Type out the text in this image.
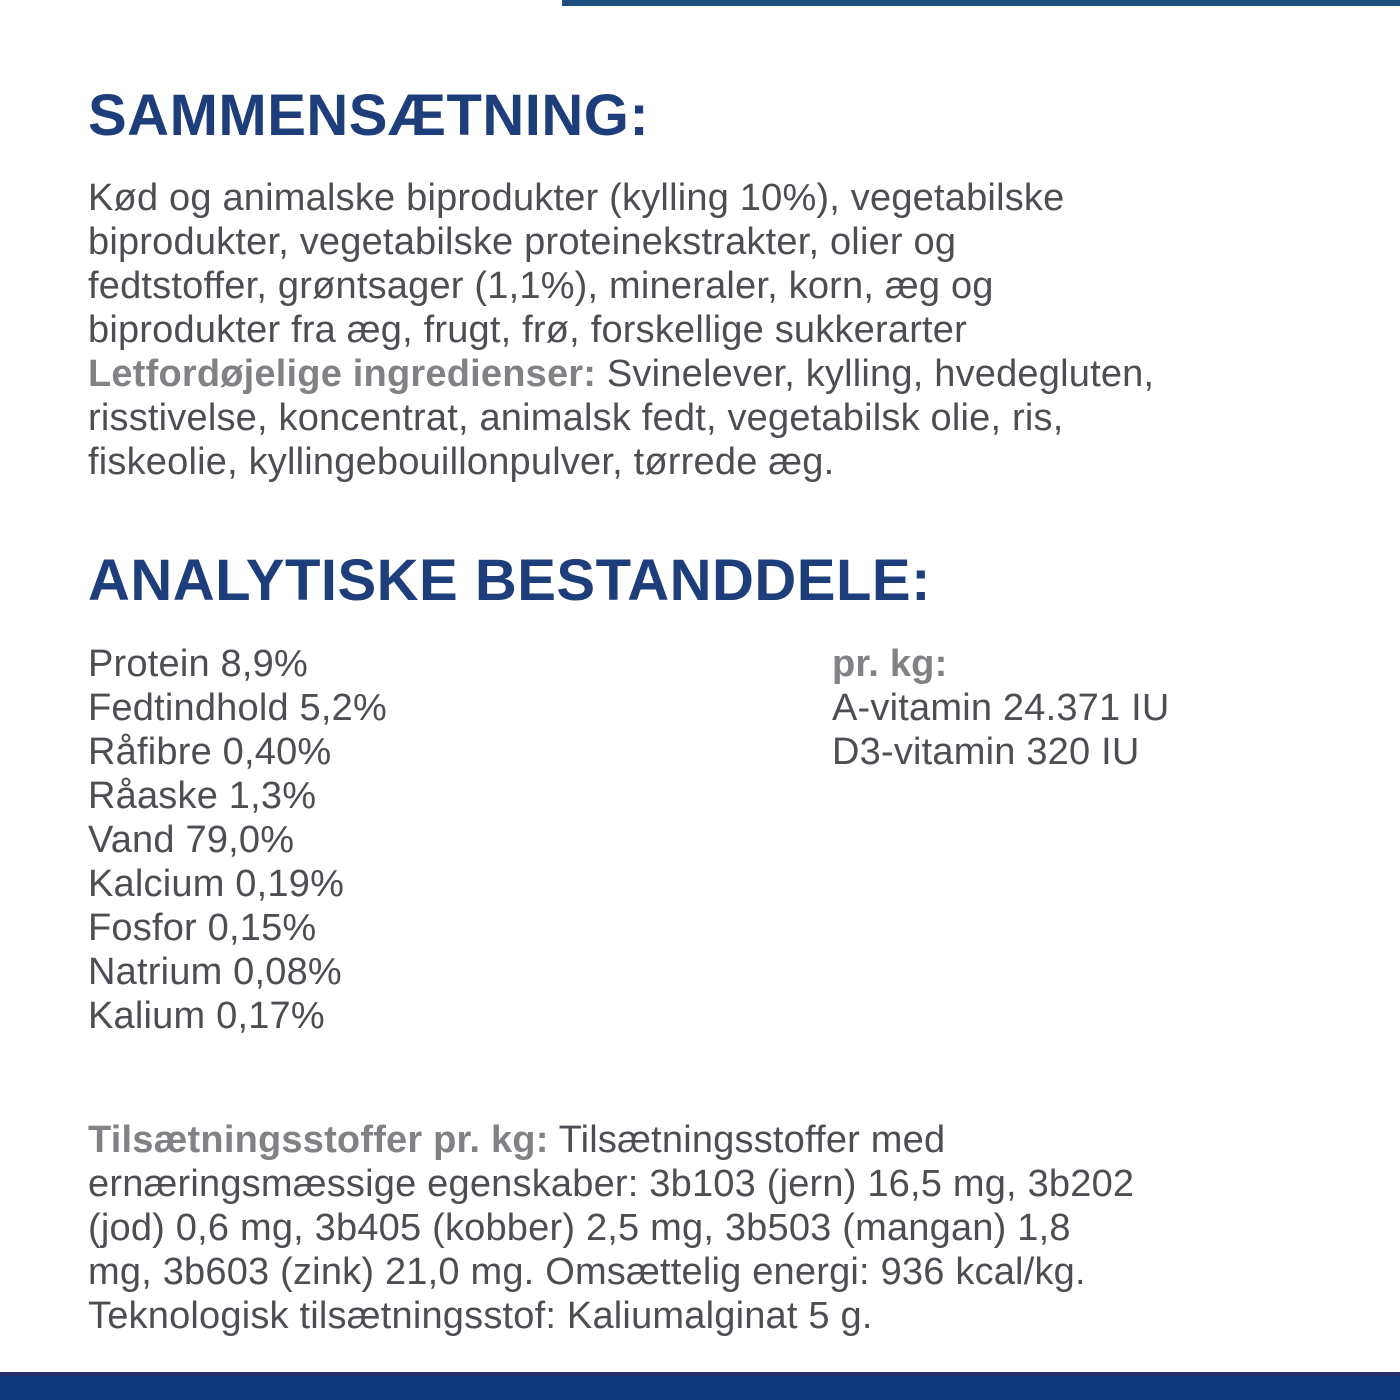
SAMMENSÆTNING:
Kød og animalske biprodukter (kylling 10%), vegetabilske
biprodukter, vegetabilske proteinekstrakter, olier og
fedtstoffer, grøntsager (1,1%), mineraler, korn, æg og
biprodukter fra æg, frugt, frø, forskellige sukkerarter
Letfordøjelige ingredienser: Svinelever, kylling, hvedegluten,
risstivelse, koncentrat, animalsk fedt, vegetabilsk olie, ris,
fiskeolie, kyllingebouillonpulver, tørrede æg.
ANALYTISKE BESTANDDELE:
Protein 8,9%
Fedtindhold 5,2%
Råfibre 0,40%
Råaske 1,3%
Vand 79,0%
Kalcium 0,19%
Fosfor 0,15%
Natrium 0,08%
Kalium 0,17%
pr. kg:
A-vitamin 24.371 IU
D3-vitamin 320 IU
Tilsætningsstoffer pr. kg: Tilsætningsstoffer med
ernæringsmæssige egenskaber: 3b103 (jern) 16,5 mg, 3b202
(jod) 0,6 mg, 3b405 (kobber) 2,5 mg, 3b503 (mangan) 1,8
mg, 3b603 (zink) 21,0 mg. Omsættelig energi: 936 kcal/kg.
Teknologisk tilsætningsstof: Kaliumalginat 5 g.
